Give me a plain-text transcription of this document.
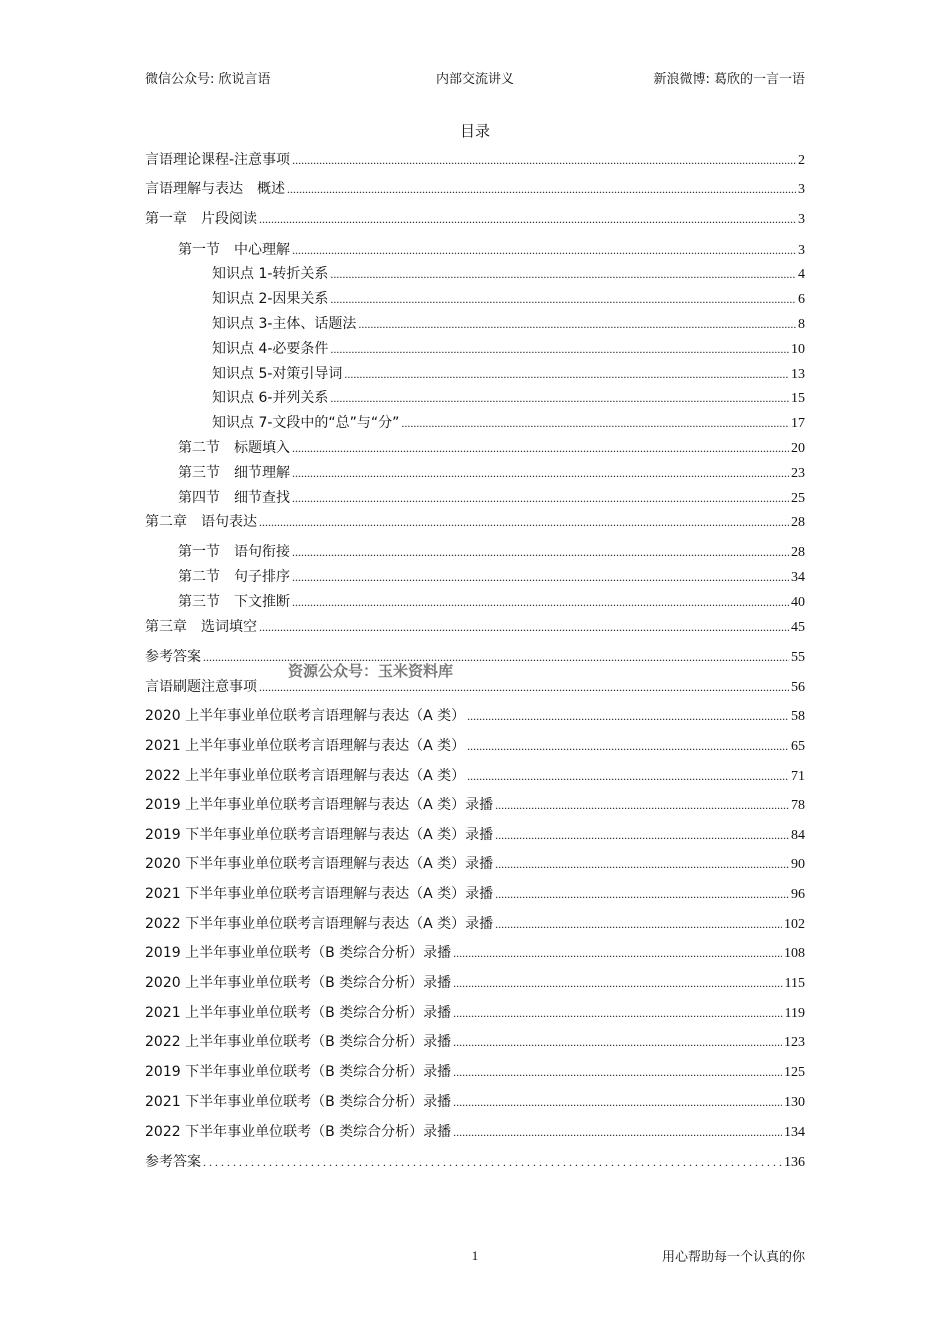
微信公众号: 欣说言语	内部交流讲义	新浪微博: 葛欣的一言一语
目录
言语理论课程-注意事项 .....	2
言语理解与表达　概述 .....	3
第一章　片段阅读 .....	3
第一节　中心理解 .....	3
知识点 1-转折关系 .....	4
知识点 2-因果关系 .....	6
知识点 3-主体、话题法 .....	8
知识点 4-必要条件 .....	10
知识点 5-对策引导词 .....	13
知识点 6-并列关系 .....	15
知识点 7-文段中的“总”与“分” .....	17
第二节　标题填入 .....	20
第三节　细节理解 .....	23
第四节　细节查找 .....	25
第二章　语句表达 .....	28
第一节　语句衔接 .....	28
第二节　句子排序 .....	34
第三节　下文推断 .....	40
第三章　选词填空 .....	45
参考答案 .....	55
言语刷题注意事项 .....	56
2020 上半年事业单位联考言语理解与表达（A 类） .....	58
2021 上半年事业单位联考言语理解与表达（A 类） .....	65
2022 上半年事业单位联考言语理解与表达（A 类） .....	71
2019 上半年事业单位联考言语理解与表达（A 类）录播 .....	78
2019 下半年事业单位联考言语理解与表达（A 类）录播 .....	84
2020 下半年事业单位联考言语理解与表达（A 类）录播 .....	90
2021 下半年事业单位联考言语理解与表达（A 类）录播 .....	96
2022 下半年事业单位联考言语理解与表达（A 类）录播 .....	102
2019 上半年事业单位联考（B 类综合分析）录播 .....	108
2020 上半年事业单位联考（B 类综合分析）录播 .....	115
2021 上半年事业单位联考（B 类综合分析）录播 .....	119
2022 上半年事业单位联考（B 类综合分析）录播 .....	123
2019 下半年事业单位联考（B 类综合分析）录播 .....	125
2021 下半年事业单位联考（B 类综合分析）录播 .....	130
2022 下半年事业单位联考（B 类综合分析）录播 .....	134
参考答案 . . .	136
资源公众号：玉米资料库
1	用心帮助每一个认真的你
